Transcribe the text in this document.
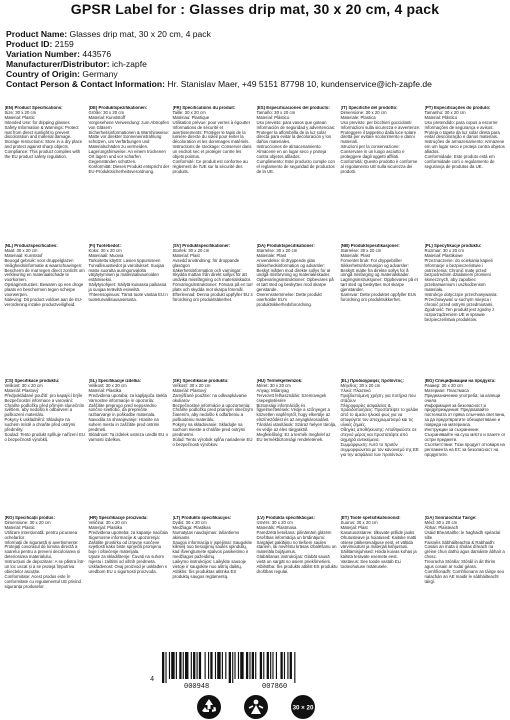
GPSR Label for : Glasses drip mat, 30 x 20 cm, 4 pack
Product Name: Glasses drip mat, 30 x 20 cm, 4 pack
Product ID: 2159
Variation Number: 443576
Manufacturer/Distributor: ich-zapfe
Country of Origin: Germany
Contact Person & Contact Information: Hr. Stanislav Maer, +49 5151 87798 10, kundenservice@ich-zapfe.de
(EN) Product Specifications:

Size: 30 x 20 cm

Material: Plastic

Intended Use: for dripping glasses

Safety Information & Warnings: Protect mat from direct sunlight to prevent discoloration and material damage.

Storage Instructions: Store in a dry place and protect against sharp objects.

Compliance: This product complies with the EU product safety regulation.

(DE) Produktspezifikationen:

Größe: 30 x 20 cm

Material: Kunststoff

Vorgesehene Verwendung: zum Abtropfen von Gläsern

Sicherheitsinformationen & Warnhinweise: Matte vor direkter Sonneneinstrahlung schützen, um Verfärbungen und Materialschäden zu vermeiden.

Lagerungshinweise: An einem trockenen Ort lagern und vor scharfen Gegenständen schützen.

Konformität: Dieses Produkt entspricht der EU-Produktsicherheitsverordnung.

(FR) Spécifications du produit:

Taille: 30 x 20 cm

Matériau: Plastique

Utilisation prévue: pour verres à égoutter

Informations de sécurité et avertissements: Protéger le tapis de la lumière directe du soleil pour éviter la décoloration et les dommages matériels.

Instructions de stockage: Conserver dans un endroit sec et protéger contre les objets pointus.

Conformité: Ce produit est conforme au règlement de l'UE sur la sécurité des produits.

(ES) Especificaciones del producto:

Tamaño: 30 x 20 cm

Material: Plástico

Uso previsto: para vasos que gotean

Información de seguridad y advertencias: Proteger la alfombrilla de la luz solar directa para evitar la decoloración y los daños materiales.

Instrucciones de almacenamiento: Almacene en un lugar seco y proteja contra objetos afilados.

Cumplimiento: Este producto cumple con el reglamento de seguridad de productos de la UE.

(IT) Specifiche del prodotto:

Dimensione: 30 x 20 cm

Materiale: Plastica

Uso previsto: per bicchieri gocciolanti

Informazioni sulla sicurezza e avvertenze: Proteggere il tappetino dalla luce solare diretta per evitare scolorimento e danni materiali.

Istruzioni per la conservazione: Conservare in un luogo asciutto e proteggere dagli oggetti affilati.

Conformità: Questo prodotto è conforme al regolamento UE sulla sicurezza dei prodotti.

(PT) Especificações do produto:

Tamanho: 30 x 20 cm

Material: Plástico

Uso pretendido: para copos a escorrer

Informações de segurança e avisos: Proteja o tapete da luz solar direta para evitar descoloração e danos materiais.

Instruções de armazenamento: Armazene em um lugar seco e proteja contra objetos afiados.

Conformidade: Este produto está em conformidade com o regulamento de segurança de produtos da UE.

(NL) Productspecificaties:

Maat: 30 x 20 cm

Materiaal: Kunststof

Beoogd gebruik: voor druppelglazen

Veiligheidsinformatie & waarschuwingen: Bescherm de mat tegen direct zonlicht om verkleuring en materiaalschade te voorkomen.

Opslaginstructies: Bewaren op een droge plaats en beschermen tegen scherpe voorwerpen.

Naleving: Dit product voldoet aan de EU-verordening inzake productveiligheid.

(FI) Tuotetiedot:

Koko: 30 x 20 cm

Materiaali: Muovia

Tarkoitettu käyttö: Lasien tippumiseen

Turvallisuustiedot ja varoitukset: Suojaa matto suoralta auringonvalolta värjäytymisen ja materiaalivaurioiden estämiseksi.

Säilytysohjeet: Säilytä kuivassa paikassa ja suojaa teräviltä esineiltä.

Yhteensopivuus: Tämä tuote vastaa EU:n tuoteturvallisuusasetusta.

(SV) Produktspecifikationer:

Storlek: 30 x 20 cm

Material: Plast

Avsedd användning: för droppande glasögon

Säkerhetsinformation och varningar: Skydda mattan från direkt solljus för att undvika missfärgning och materialskador.

Förvaringsinstruktioner: Förvara på en torr plats och skydda mot skarpa föremål.

Efterlevnad: Denna produkt uppfyller EU:s förordning om produktsäkerhet.

(DA) Produktspecifikationer:

Størrelse: 30 x 20 cm

Materiale: Plast

Anvendelse: til dryppende glas

Sikkerhedsinformation og advarsler: Beskyt måtten mod direkte sollys for at undgå misfarvning og materialeskader.

Opbevaringsinstruktioner: Opbevares på et tørt sted og beskyttes mod skarpe genstande.

Overensstemmelse: Dette produkt overholder EU's produktsikkerhedsforordning.

(NB) Produktspesifikasjoner:

Størrelse: 30 x 20 cm

Materiale: Plast

Forventet bruk: For dryppebriller

Sikkerhetsinformasjon og advarsler: Beskytt matte fra direkte sollys for å unngå misfarging og materialskader.

Lagringsinstruksjoner: Oppbevares på et tørt sted og beskyttes mot skarpe gjenstander.

Samsvar: Dette produktet oppfyller EUs forordning om produktsikkerhet.

(PL) Specyfikacje produktu:

Rozmiar: 30 x 20 cm

Materiał: Plastikowe

Przeznaczenie: do ociekania kapieli

Informacje o bezpieczeństwie i ostrzeżenia: Chronić matę przed bezpośrednim działaniem promieni słonecznych, aby zapobiec przebarwieniom i uszkodzeniom materiału.

Instrukcje dotyczące przechowywania: Przechowywać w suchym miejscu i chronić przed ostrymi przedmiotami.

Zgodność: Ten produkt jest zgodny z rozporządzeniem UE w sprawie bezpieczeństwa produktów.

(CS) Specifikace produktu:

Velikost: 30 x 20 cm

Materiál: Plastový

Předpokládané použití: pro kapající brýle

Bezpečnostní informace a varování: Chraňte podložku před přímým slunečním světlem, aby nedošlo k odbarvení a poškození materiálu.

Pokyny k uskladnění: Skladujte na suchém místě a chraňte před ostrými předměty.

Soulad: Tento produkt splňuje nařízení EU o bezpečnosti výrobků.

(SL) Specifikacije izdelka:

Velikost: 30 x 20 cm

Material: Plastika

Predvidena uporaba: za kapljajoča stekla

Varnostne informacije in opozorila: Zaščitite preprogo pred neposredno sončno svetlobo, da preprečite razbarvanje in poškodbe materiala.

Navodila za shranjevanje: Hranite na suhem mestu in zaščitite pred ostrimi predmeti.

Skladnost: Ta izdelek ustreza uredbi EU o varnosti izdelkov.

(SK) Špecifikácie produktu:

Veľkosť: 30 x 20 cm

Materiál: Plastový

Zamýšľané použitie: na odkvapkávanie okuliarov

Bezpečnostné informácie a upozornenia: Chráňte podložku pred priamym slnečným žiarením, aby nedošlo k odfarbeniu a poškodeniu materiálu.

Pokyny na skladovanie: Skladujte na suchom mieste a chráňte pred ostrými predmetmi.

Súlad: Tento výrobok spĺňa nariadenie EÚ o bezpečnosti výrobkov.

(HU) Termékjellemzők:

Méret: 30 x 20 cm

Anyag: Műanyag

Tervezett felhasználás: Szemüvegek csepegtetésére

Biztonsági információk és figyelmeztetések: Védje a szőnyeget a közvetlen napfénytől, hogy elkerülje az elszíneződést és az anyagkárosodást.

Tárolási utasítások: Száraz helyen tárolja, és védje az éles tárgyaktól.

Megfelelőség: Ez a termék megfelel az EU termékbiztonsági rendeletének.

(EL) Προδιαγραφές προϊόντος:

Μέγεθος: 30 x 20 cm

Υλικό: Πλαστικό

Προβλεπόμενη χρήση: για ποτήρια που στάζουν

Πληροφορίες ασφαλείας & προειδοποιήσεις: Προστατέψτε το χαλάκι από το άμεσο ηλιακό φως για να αποφύγετε τον αποχρωματισμό και τις υλικές ζημιές.

Οδηγίες αποθήκευσης: Αποθηκεύστε σε στεγνό μέρος και προστατέψτε από αιχμηρά αντικείμενα.

Συμμόρφωση: Αυτό το προϊόν συμμορφώνεται με τον κανονισμό της ΕΕ για την ασφάλεια των προϊόντων.

(BG) Спецификации на продукта:

Размер: 30 x 20 cm

Материал: Пластмаса

Предназначение употреба: за капещи очила

Информация за безопасност и предупреждения: Предпазвайте постелката от пряка слънчева светлина, за да предотвратите обезцветяване и повреда на материала.

Инструкции за съхранение: Съхранявайте на сухо място и пазете от остри предмети.

Съответствие: Този продукт отговаря на регламента на ЕС за безопасност на продуктите.

(RO) Specificații produs:

Dimensiune: 30 x 20 cm

Material: Plastic

Utilizare intenționată: pentru picurarea ochelarilor

Informații de siguranță și avertismente: Protejați covorașul de lumina directă a soarelui pentru a preveni decolorarea și deteriorarea materialului.

Instrucțiuni de depozitare: A se păstra într-un loc uscat și a se proteja împotriva obiectelor ascuțite.

Conformitate: Acest produs este în conformitate cu regulamentul UE privind siguranța produselor.

(HR) Specifikacije proizvoda:

Veličina: 30 x 20 cm

Materijal: Plastika

Predviđena upotreba: za kapanje naočala

Sigurnosne informacije & upozorenja: Zaštitite prostirku od izravne sunčeve svjetlosti kako biste spriječili promjenu boje i oštećenje materijala.

Upute za skladištenje: Čuvati na suhom mjestu i zaštititi od oštrih predmeta.

Usklađenost: Ovaj proizvod je usklađen s uredbom EU o sigurnosti proizvoda.

(LT) Produkto specifikacijos:

Dydis: 30 x 20 cm

Medžiaga: Plastikas

Numatytas naudojimas: lašantiems akiniams

Saugos informacija ir įspėjimai: Saugokite kilimėlį nuo tiesioginių saulės spindulių, kad išvengtumėte spalvos pasikeitimo ir medžiagos pažeidimų.

Laikymo instrukcijos: Laikykite sausoje vietoje ir saugokite nuo aštrių daiktų.

Atitiktis: Šis produktas atitinka ES produktų saugos reglamentą.

(LV) Produkta specifikācijas:

Izmērs: 30 x 20 cm

Materiāls: Plastmasa

Paredzētā lietošana: pilināmām glāzēm

Drošības informācija un brīdinājumi: Sargājiet paklājiņu no tiešiem saules stariem, lai novērstu krāsas izbalēšanu un materiāla bojājumus.

Glabāšanas instrukcijas: Glabāt sausā vietā un sargāt no asiem priekšmetiem.

Atbilstība: Šis produkts atbilst ES produktu drošības regulai.

(ET) Toote spetsifikatsioonid:

Suurus: 30 x 20 cm

Materjal: Plast

Kasutusotstarve: tilkuvate prillide jaoks

Ohutusteave ja hoiatused: Kaitske matti otsese päikesevalguse eest, et vältida värvimuutust ja materjali kahjustusi.

Säilitamisjuhised: Hoida kuivas kohas ja kaitsta teravate esemete eest.

Vastavus: See toode vastab ELi tooteohutuse määrusele.

(GA) Sonraíochtaí Táirge:

Méid: 30 x 20 cm

Ábhar: Plaisteach

Úsáid Bheartaithe: le haghaidh spéaclaí silte

Faisnéis Sábháilteachta & Rabhaidh: Cosain an mata ó sholas díreach na gréine chun dathú agus damáiste ábhair a chosc.

Treoracha Stórála: Stóráil in áit thirim agus cosain ar rudaí géara.

Comhlíonadh: Comhlíonann an táirge seo rialachán an AE maidir le sábháilteacht táirgí.

4
000948	007860
30 × 20
